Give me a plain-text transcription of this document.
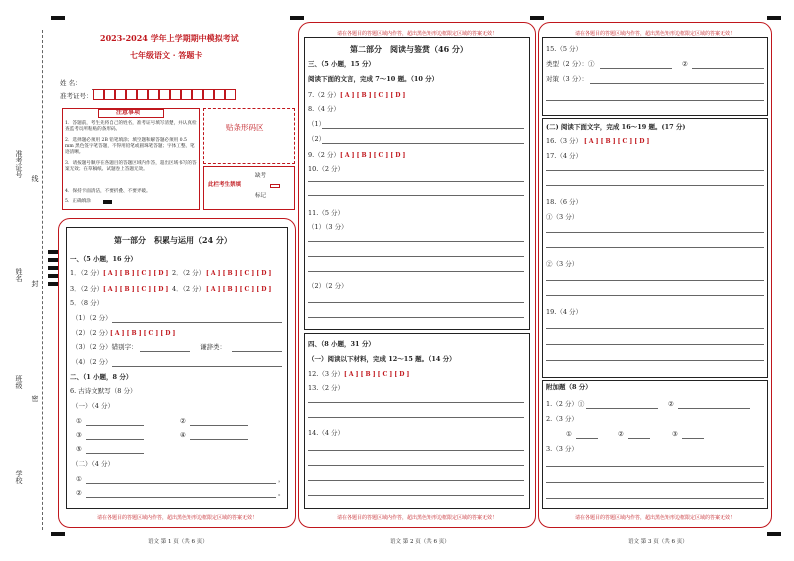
准考证号
线
姓名
封
班级
密
学校
2023-2024 学年上学期期中模拟考试
七年级语文 · 答题卡
姓 名：
准考证号：
注意事项
1．答题前，考生先将自己的姓名，准考证号填写清楚，并认真检查监考员所粘贴的条形码。
2．选择题必须用 2B 铅笔填涂；填空题和解答题必须用 0.5 mm 黑色签字笔答题，不得用铅笔或圆珠笔答题；字体工整、笔迹清晰。
3．请按题号顺序在各题目的答题区域内作答，超出区域书写的答案无效；在草稿纸、试题卷上答题无效。
4．保持卡面清洁，不要折叠、不要弄破。
5．正确填涂
贴条形码区
此栏考生禁填
缺考
标记
第一部分　积累与运用（24 分）
一、（5 小题，16 分）
1．（2 分） [ A ] [ B ] [ C ] [ D ] 2．（2 分） [ A ] [ B ] [ C ] [ D ]
3．（2 分） [ A ] [ B ] [ C ] [ D ] 4．（2 分） [ A ] [ B ] [ C ] [ D ]
5．（8 分）
（1）（2 分）
（2）（2 分）
[ A ] [ B ] [ C ] [ D ]
（3）（2 分）错别字：	谦辞类：
（4）（2 分）
二、（1 小题，8 分）
6. 古诗文默写（8 分）
（一）（4 分）
①	②
③	④
⑤
（二）（4 分）
①	，
②	。
请在各题目的答题区域内作答，超出黑色矩形边框限定区域的答案无效！
语文 第 1 页（共 6 页）
请在各题目的答题区域内作答，超出黑色矩形边框限定区域的答案无效！
第二部分　阅读与鉴赏（46 分）
三、（5 小题，15 分）
阅读下面的文言，完成 7～10 题。（10 分）
7.（2 分） [ A ] [ B ] [ C ] [ D ]
8.（4 分）
（1）
（2）
9.（2 分） [ A ] [ B ] [ C ] [ D ]
10.（2 分）
11.（5 分）
（1）（3 分）
（2）（2 分）
四、（8 小题，31 分）
（一）阅读以下材料，完成 12～15 题。（14 分）
12.（3 分） [ A ] [ B ] [ C ] [ D ]
13.（2 分）
14.（4 分）
请在各题目的答题区域内作答，超出黑色矩形边框限定区域的答案无效！
语文 第 2 页（共 6 页）
请在各题目的答题区域内作答，超出黑色矩形边框限定区域的答案无效！
15.（5 分）
类型（2 分）：①	②
对策（3 分）：
(二) 阅读下面文字，完成 16～19 题。(17 分)
16.（3 分） [ A ] [ B ] [ C ] [ D ]
17.（4 分）
18.（6 分）
①（3 分）
②（3 分）
19.（4 分）
附加题（8 分）
1.（2 分）①	②
2.（3 分）
①	②	③
3.（3 分）
请在各题目的答题区域内作答，超出黑色矩形边框限定区域的答案无效！
语文 第 3 页（共 6 页）
